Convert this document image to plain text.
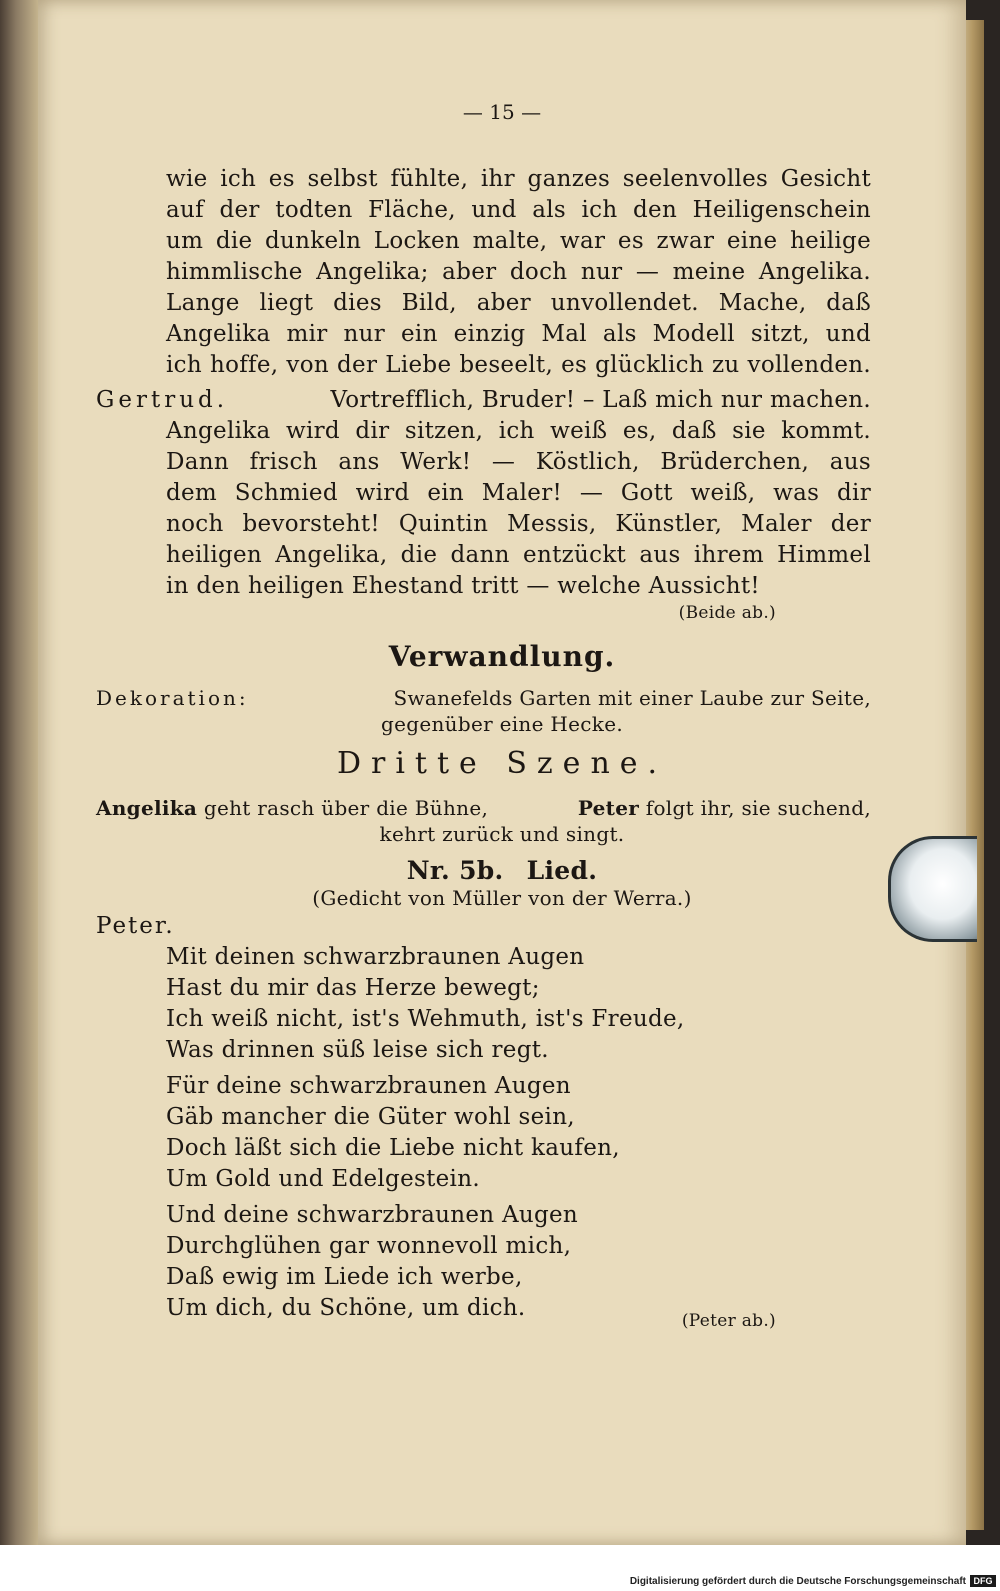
— 15 —
wie ich es selbst fühlte, ihr ganzes seelenvolles Gesicht
auf der todten Fläche, und als ich den Heiligenschein
um die dunkeln Locken malte, war es zwar eine heilige
himmlische Angelika; aber doch nur — meine Angelika.
Lange liegt dies Bild, aber unvollendet. Mache, daß
Angelika mir nur ein einzig Mal als Modell sitzt, und
ich hoffe, von der Liebe beseelt, es glücklich zu vollenden.
Gertrud.	Vortrefflich, Bruder! – Laß mich nur machen.
Angelika wird dir sitzen, ich weiß es, daß sie kommt.
Dann frisch ans Werk! — Köstlich, Brüderchen, aus
dem Schmied wird ein Maler! — Gott weiß, was dir
noch bevorsteht! Quintin Messis, Künstler, Maler der
heiligen Angelika, die dann entzückt aus ihrem Himmel
in den heiligen Ehestand tritt — welche Aussicht!
(Beide ab.)
Verwandlung.
Dekoration:	Swanefelds Garten mit einer Laube zur Seite,
gegenüber eine Hecke.
Dritte Szene.
Angelika geht rasch über die Bühne,	Peter folgt ihr, sie suchend,
kehrt zurück und singt.
Nr. 5b. Lied.
(Gedicht von Müller von der Werra.)
Peter.
Mit deinen schwarzbraunen Augen
Hast du mir das Herze bewegt;
Ich weiß nicht, ist's Wehmuth, ist's Freude,
Was drinnen süß leise sich regt.
Für deine schwarzbraunen Augen
Gäb mancher die Güter wohl sein,
Doch läßt sich die Liebe nicht kaufen,
Um Gold und Edelgestein.
Und deine schwarzbraunen Augen
Durchglühen gar wonnevoll mich,
Daß ewig im Liede ich werbe,
Um dich, du Schöne, um dich.	(Peter ab.)
Digitalisierung gefördert durch die Deutsche Forschungsgemeinschaft DFG
